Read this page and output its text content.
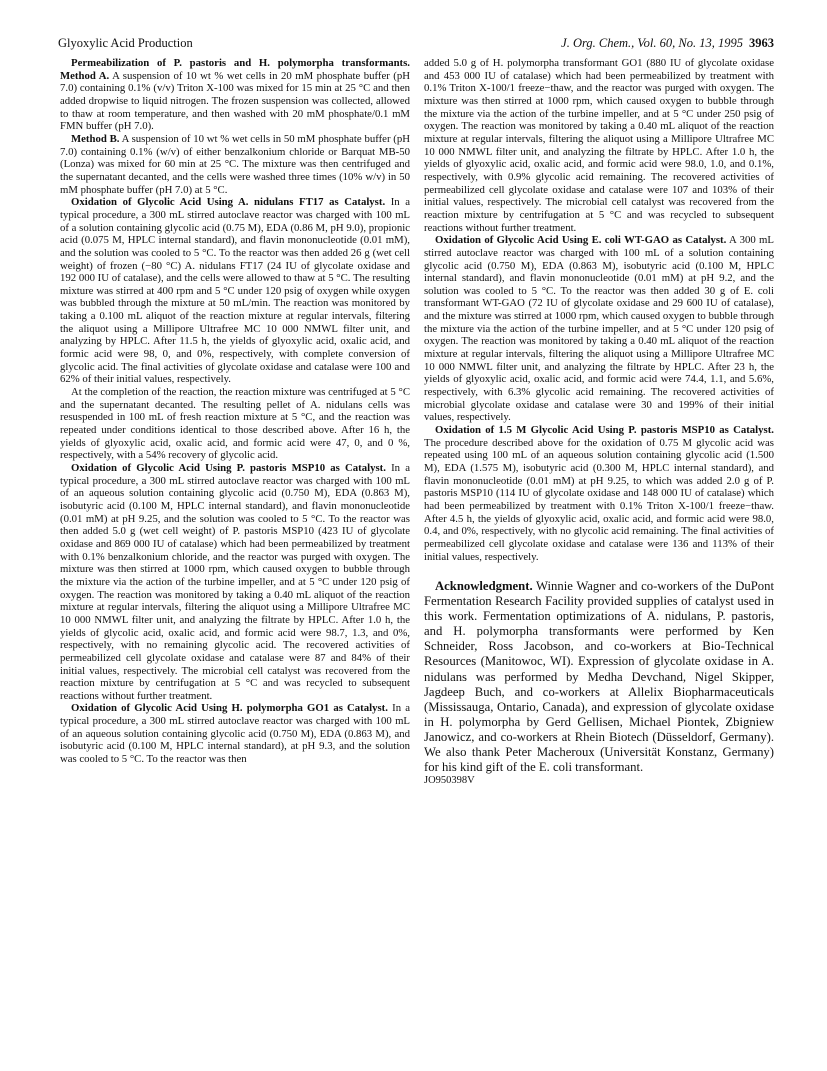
Glyoxylic Acid Production	J. Org. Chem., Vol. 60, No. 13, 1995 3963

Permeabilization of P. pastoris and H. polymorpha transformants. Method A. A suspension of 10 wt % wet cells in 20 mM phosphate buffer (pH 7.0) containing 0.1% (v/v) Triton X-100 was mixed for 15 min at 25 °C and then added dropwise to liquid nitrogen. The frozen suspension was collected, allowed to thaw at room temperature, and then washed with 20 mM phosphate/0.1 mM FMN buffer (pH 7.0).

Method B. A suspension of 10 wt % wet cells in 50 mM phosphate buffer (pH 7.0) containing 0.1% (w/v) of either benzalkonium chloride or Barquat MB-50 (Lonza) was mixed for 60 min at 25 °C. The mixture was then centrifuged and the supernatant decanted, and the cells were washed three times (10% w/v) in 50 mM phosphate buffer (pH 7.0) at 5 °C.

Oxidation of Glycolic Acid Using A. nidulans FT17 as Catalyst. In a typical procedure, a 300 mL stirred autoclave reactor was charged with 100 mL of a solution containing glycolic acid (0.75 M), EDA (0.86 M, pH 9.0), propionic acid (0.075 M, HPLC internal standard), and flavin mononucleotide (0.01 mM), and the solution was cooled to 5 °C. To the reactor was then added 26 g (wet cell weight) of frozen (−80 °C) A. nidulans FT17 (24 IU of glycolate oxidase and 192 000 IU of catalase), and the cells were allowed to thaw at 5 °C. The resulting mixture was stirred at 400 rpm and 5 °C under 120 psig of oxygen while oxygen was bubbled through the mixture at 50 mL/min. The reaction was monitored by taking a 0.100 mL aliquot of the reaction mixture at regular intervals, filtering the aliquot using a Millipore Ultrafree MC 10 000 NMWL filter unit, and analyzing by HPLC. After 11.5 h, the yields of glyoxylic acid, oxalic acid, and formic acid were 98, 0, and 0%, respectively, with complete conversion of glycolic acid. The final activities of glycolate oxidase and catalase were 100 and 62% of their initial values, respectively.

At the completion of the reaction, the reaction mixture was centrifuged at 5 °C and the supernatant decanted. The resulting pellet of A. nidulans cells was resuspended in 100 mL of fresh reaction mixture at 5 °C, and the reaction was repeated under conditions identical to those described above. After 16 h, the yields of glyoxylic acid, oxalic acid, and formic acid were 47, 0, and 0 %, respectively, with a 54% recovery of glycolic acid.

Oxidation of Glycolic Acid Using P. pastoris MSP10 as Catalyst. In a typical procedure, a 300 mL stirred autoclave reactor was charged with 100 mL of an aqueous solution containing glycolic acid (0.750 M), EDA (0.863 M), isobutyric acid (0.100 M, HPLC internal standard), and flavin mononucleotide (0.01 mM) at pH 9.25, and the solution was cooled to 5 °C. To the reactor was then added 5.0 g (wet cell weight) of P. pastoris MSP10 (423 IU of glycolate oxidase and 869 000 IU of catalase) which had been permeabilized by treatment with 0.1% benzalkonium chloride, and the reactor was purged with oxygen. The mixture was then stirred at 1000 rpm, which caused oxygen to bubble through the mixture via the action of the turbine impeller, and at 5 °C under 120 psig of oxygen. The reaction was monitored by taking a 0.40 mL aliquot of the reaction mixture at regular intervals, filtering the aliquot using a Millipore Ultrafree MC 10 000 NMWL filter unit, and analyzing the filtrate by HPLC. After 1.0 h, the yields of glycolic acid, oxalic acid, and formic acid were 98.7, 1.3, and 0%, respectively, with no remaining glycolic acid. The recovered activities of permeabilized cell glycolate oxidase and catalase were 87 and 84% of their initial values, respectively. The microbial cell catalyst was recovered from the reaction mixture by centrifugation at 5 °C and was recycled to subsequent reactions without further treatment.

Oxidation of Glycolic Acid Using H. polymorpha GO1 as Catalyst. In a typical procedure, a 300 mL stirred autoclave reactor was charged with 100 mL of an aqueous solution containing glycolic acid (0.750 M), EDA (0.863 M), and isobutyric acid (0.100 M, HPLC internal standard), at pH 9.3, and the solution was cooled to 5 °C. To the reactor was then

added 5.0 g of H. polymorpha transformant GO1 (880 IU of glycolate oxidase and 453 000 IU of catalase) which had been permeabilized by treatment with 0.1% Triton X-100/1 freeze−thaw, and the reactor was purged with oxygen. The mixture was then stirred at 1000 rpm, which caused oxygen to bubble through the mixture via the action of the turbine impeller, and at 5 °C under 250 psig of oxygen. The reaction was monitored by taking a 0.40 mL aliquot of the reaction mixture at regular intervals, filtering the aliquot using a Millipore Ultrafree MC 10 000 NMWL filter unit, and analyzing the filtrate by HPLC. After 1.0 h, the yields of glyoxylic acid, oxalic acid, and formic acid were 98.0, 1.0, and 0.1%, respectively, with 0.9% glycolic acid remaining. The recovered activities of permeabilized cell glycolate oxidase and catalase were 107 and 103% of their initial values, respectively. The microbial cell catalyst was recovered from the reaction mixture by centrifugation at 5 °C and was recycled to subsequent reactions without further treatment.

Oxidation of Glycolic Acid Using E. coli WT-GAO as Catalyst. A 300 mL stirred autoclave reactor was charged with 100 mL of a solution containing glycolic acid (0.750 M), EDA (0.863 M), isobutyric acid (0.100 M, HPLC internal standard), and flavin mononucleotide (0.01 mM) at pH 9.2, and the solution was cooled to 5 °C. To the reactor was then added 30 g of E. coli transformant WT-GAO (72 IU of glycolate oxidase and 29 600 IU of catalase), and the mixture was stirred at 1000 rpm, which caused oxygen to bubble through the mixture via the action of the turbine impeller, and at 5 °C under 120 psig of oxygen. The reaction was monitored by taking a 0.40 mL aliquot of the reaction mixture at regular intervals, filtering the aliquot using a Millipore Ultrafree MC 10 000 NMWL filter unit, and analyzing the filtrate by HPLC. After 23 h, the yields of glyoxylic acid, oxalic acid, and formic acid were 74.4, 1.1, and 5.6%, respectively, with 6.3% glycolic acid remaining. The recovered activities of microbial glycolate oxidase and catalase were 30 and 199% of their initial values, respectively.

Oxidation of 1.5 M Glycolic Acid Using P. pastoris MSP10 as Catalyst. The procedure described above for the oxidation of 0.75 M glycolic acid was repeated using 100 mL of an aqueous solution containing glycolic acid (1.500 M), EDA (1.575 M), isobutyric acid (0.300 M, HPLC internal standard), and flavin mononucleotide (0.01 mM) at pH 9.25, to which was added 2.0 g of P. pastoris MSP10 (114 IU of glycolate oxidase and 148 000 IU of catalase) which had been permeabilized by treatment with 0.1% Triton X-100/1 freeze−thaw. After 4.5 h, the yields of glyoxylic acid, oxalic acid, and formic acid were 98.0, 0.4, and 0%, respectively, with no glycolic acid remaining. The final activities of permeabilized cell glycolate oxidase and catalase were 136 and 113% of their initial values, respectively.

Acknowledgment. Winnie Wagner and co-workers of the DuPont Fermentation Research Facility provided supplies of catalyst used in this work. Fermentation optimizations of A. nidulans, P. pastoris, and H. polymorpha transformants were performed by Ken Schneider, Ross Jacobson, and co-workers at Bio-Technical Resources (Manitowoc, WI). Expression of glycolate oxidase in A. nidulans was performed by Medha Devchand, Nigel Skipper, Jagdeep Buch, and co-workers at Allelix Biopharmaceuticals (Mississauga, Ontario, Canada), and expression of glycolate oxidase in H. polymorpha by Gerd Gellisen, Michael Piontek, Zbigniew Janowicz, and co-workers at Rhein Biotech (Düsseldorf, Germany). We also thank Peter Macheroux (Universität Konstanz, Germany) for his kind gift of the E. coli transformant.

JO950398V
